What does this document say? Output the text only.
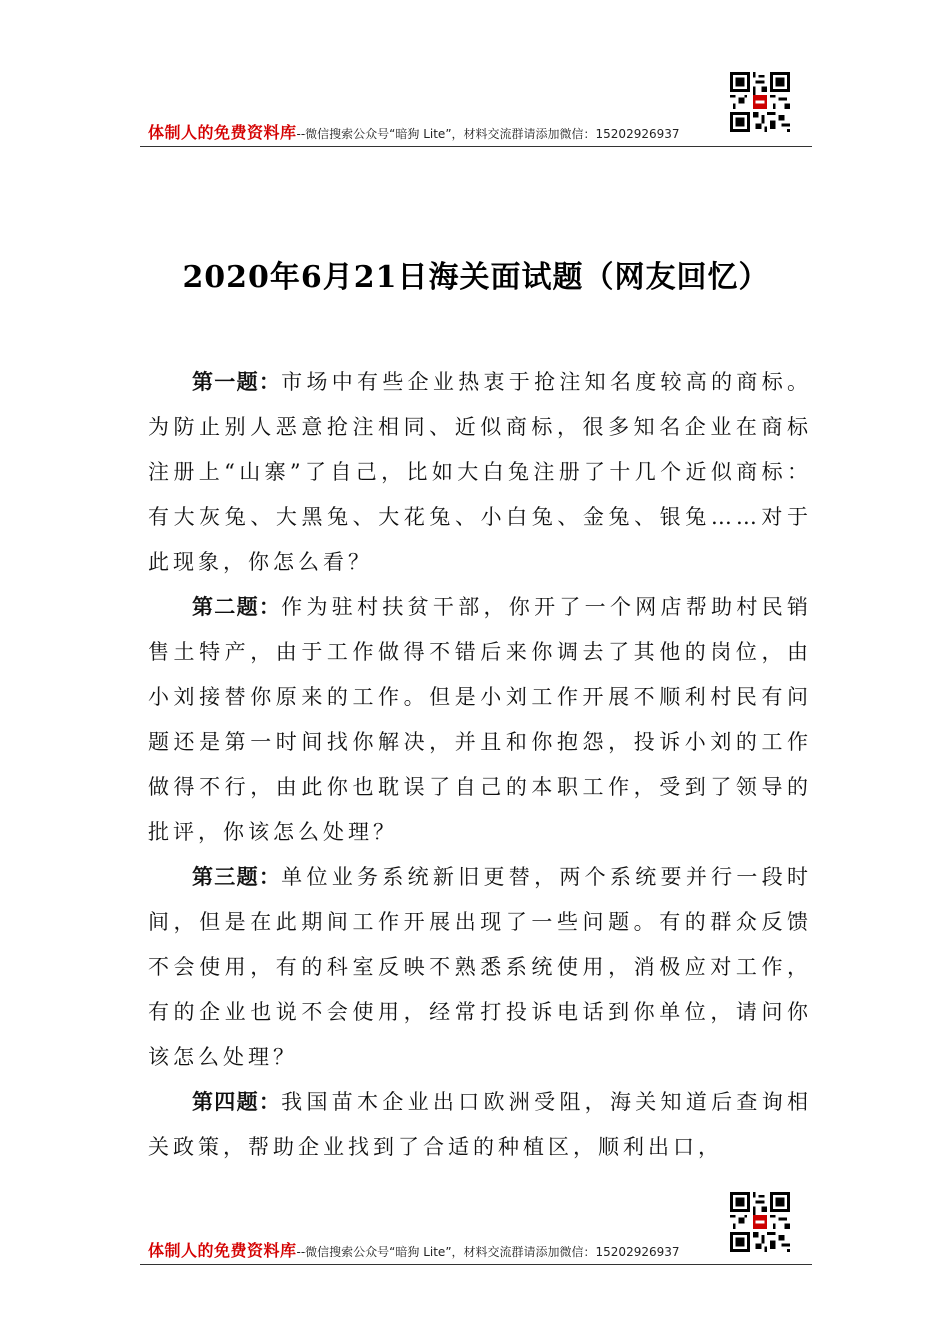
体制人的免费资料库--微信搜索公众号“暗狗 Lite”，材料交流群请添加微信：15202926937
2020年6月21日海关面试题（网友回忆）

第一题：市场中有些企业热衷于抢注知名度较高的商标。为防止别人恶意抢注相同、近似商标，很多知名企业在商标注册上“山寨”了自己，比如大白兔注册了十几个近似商标：有大灰兔、大黑兔、大花兔、小白兔、金兔、银兔……对于此现象，你怎么看？

第二题：作为驻村扶贫干部，你开了一个网店帮助村民销售土特产，由于工作做得不错后来你调去了其他的岗位，由小刘接替你原来的工作。但是小刘工作开展不顺利村民有问题还是第一时间找你解决，并且和你抱怨，投诉小刘的工作做得不行，由此你也耽误了自己的本职工作，受到了领导的批评，你该怎么处理？

第三题：单位业务系统新旧更替，两个系统要并行一段时间，但是在此期间工作开展出现了一些问题。有的群众反馈不会使用，有的科室反映不熟悉系统使用，消极应对工作，有的企业也说不会使用，经常打投诉电话到你单位，请问你该怎么处理？

第四题：我国苗木企业出口欧洲受阻，海关知道后查询相关政策，帮助企业找到了合适的种植区，顺利出口，

体制人的免费资料库--微信搜索公众号“暗狗 Lite”，材料交流群请添加微信：15202926937
